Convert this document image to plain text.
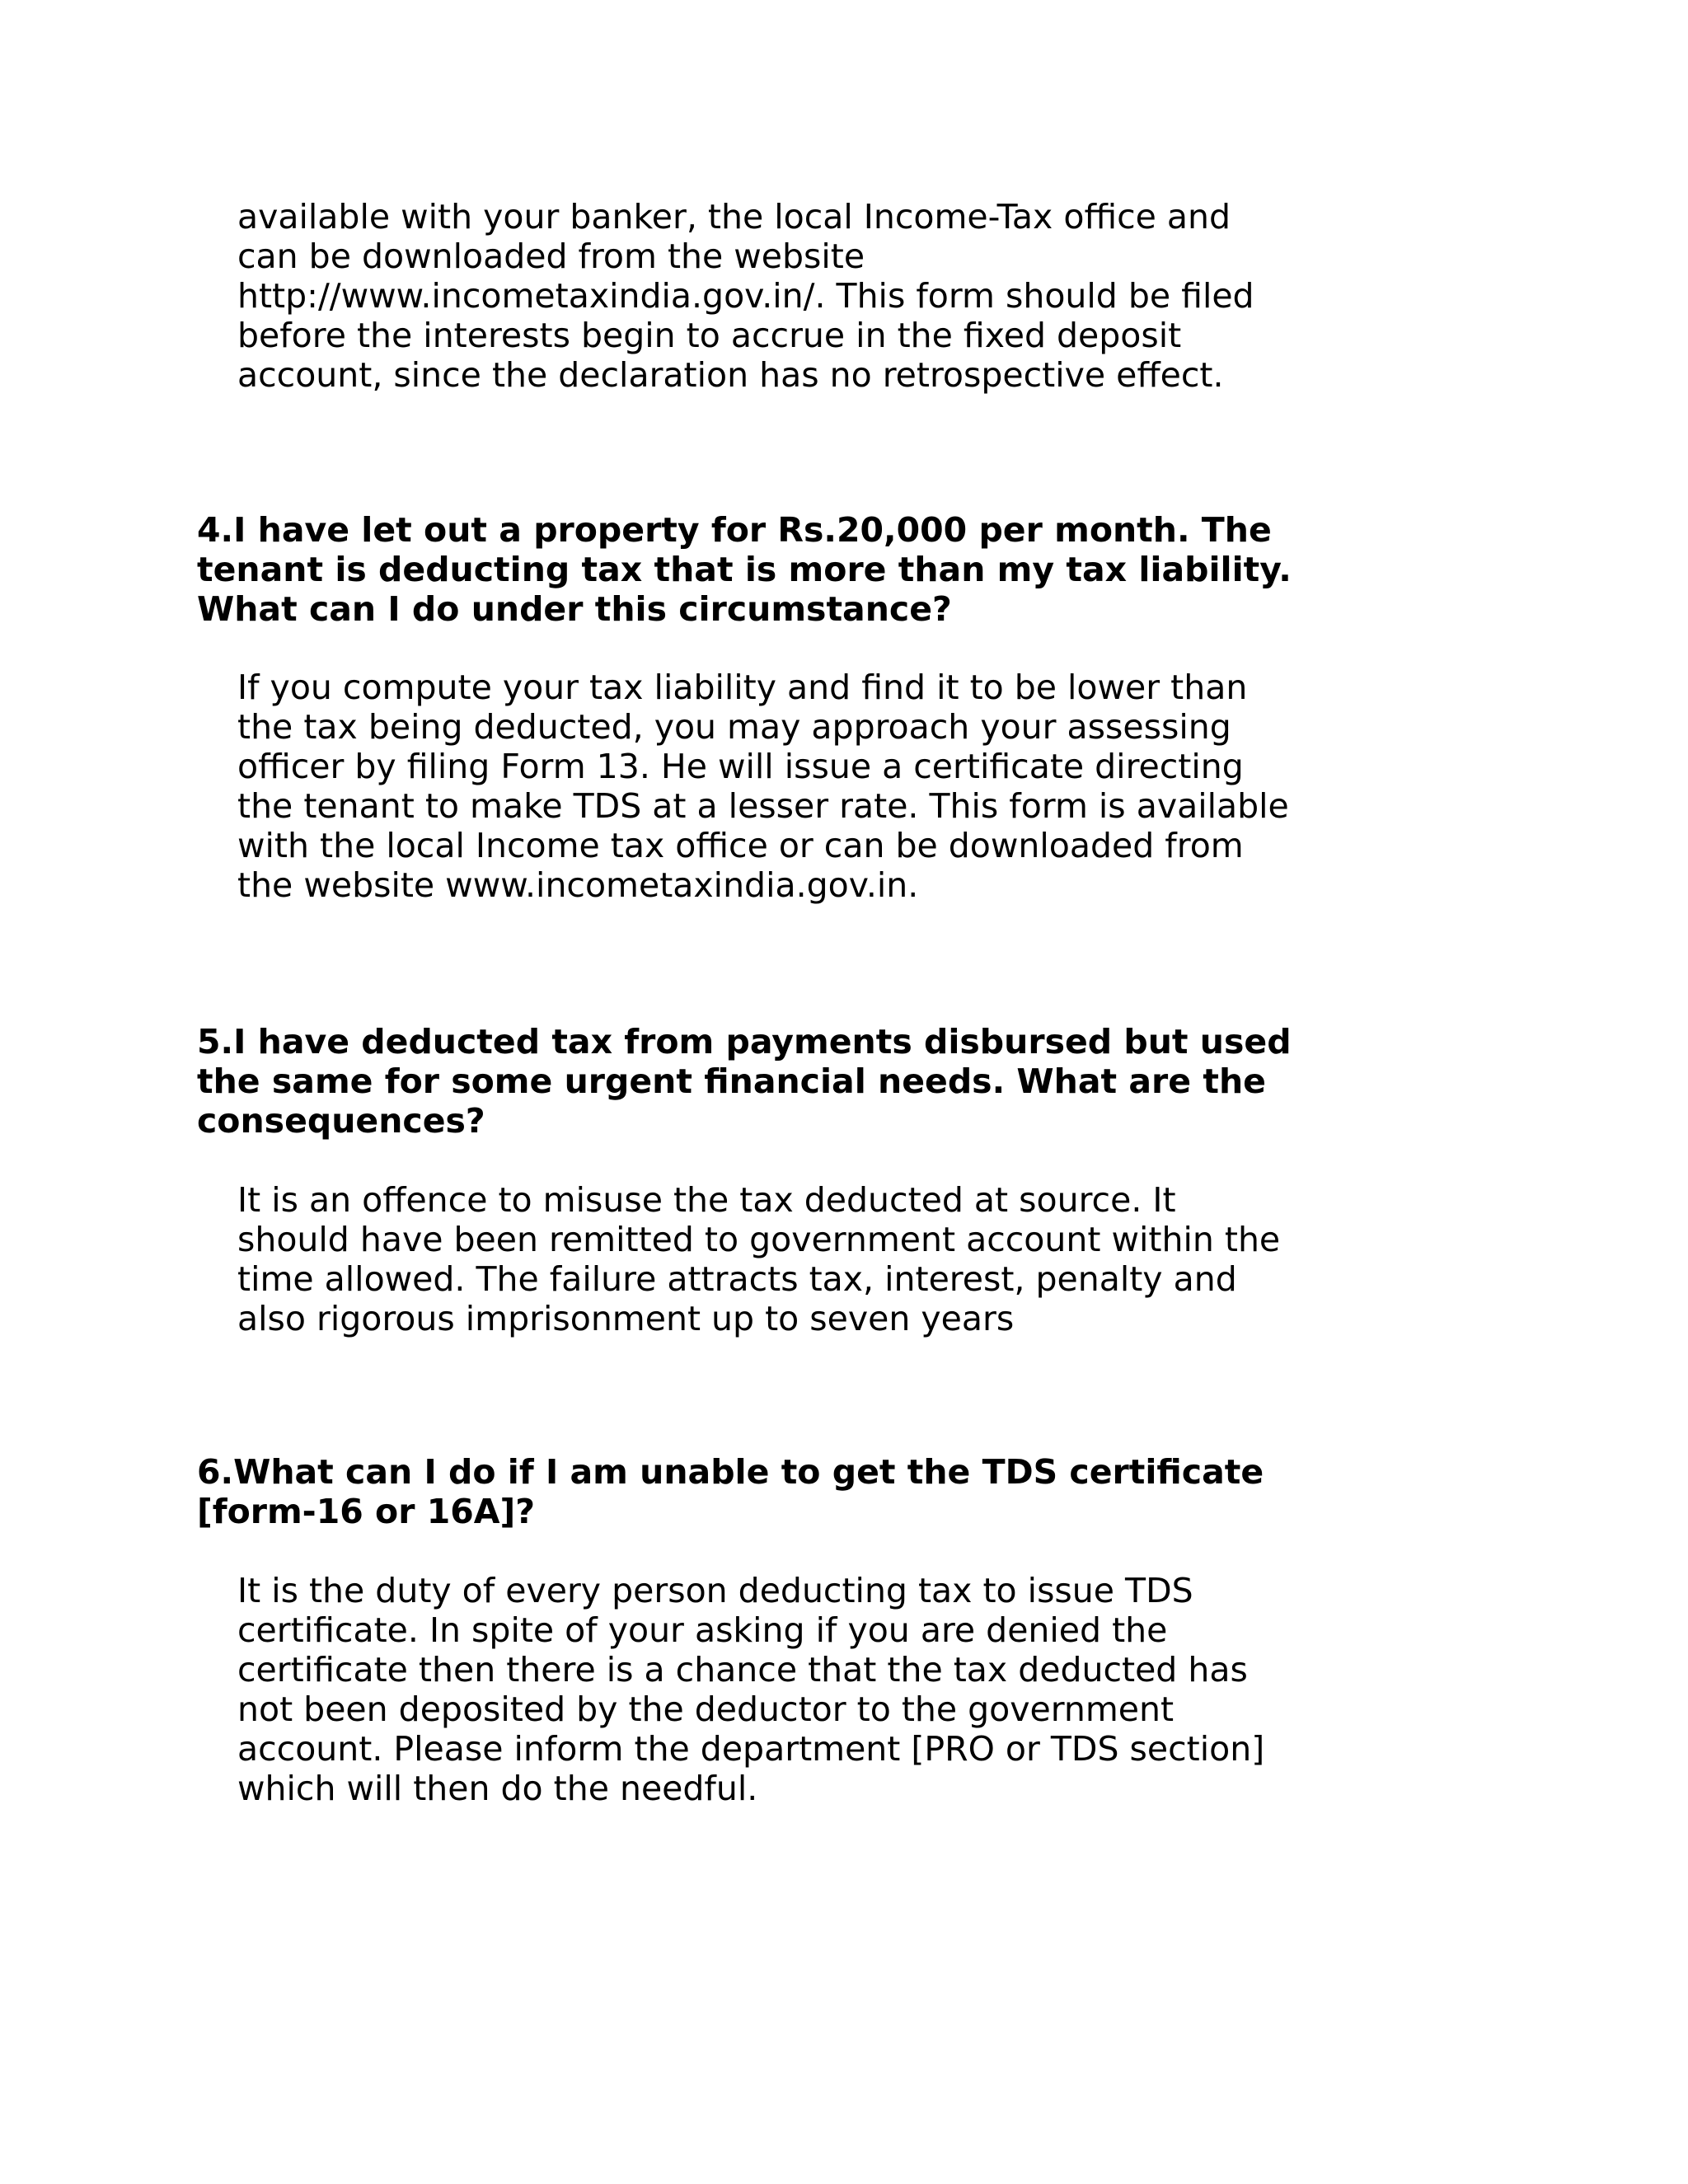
available with your banker, the local Income-Tax office and

can be downloaded from the website

http://www.incometaxindia.gov.in/. This form should be filed

before the interests begin to accrue in the fixed deposit

account, since the declaration has no retrospective effect.

4.I have let out a property for Rs.20,000 per month. The
tenant is deducting tax that is more than my tax liability.
What can I do under this circumstance?

If you compute your tax liability and find it to be lower than

the tax being deducted, you may approach your assessing

officer by filing Form 13. He will issue a certificate directing

the tenant to make TDS at a lesser rate. This form is available

with the local Income tax office or can be downloaded from

the website www.incometaxindia.gov.in.

5.I have deducted tax from payments disbursed but used
the same for some urgent financial needs. What are the
consequences?

It is an offence to misuse the tax deducted at source. It

should have been remitted to government account within the

time allowed. The failure attracts tax, interest, penalty and

also rigorous imprisonment up to seven years

6.What can I do if I am unable to get the TDS certificate
[form-16 or 16A]?

It is the duty of every person deducting tax to issue TDS

certificate. In spite of your asking if you are denied the

certificate then there is a chance that the tax deducted has

not been deposited by the deductor to the government

account. Please inform the department [PRO or TDS section]

which will then do the needful.
